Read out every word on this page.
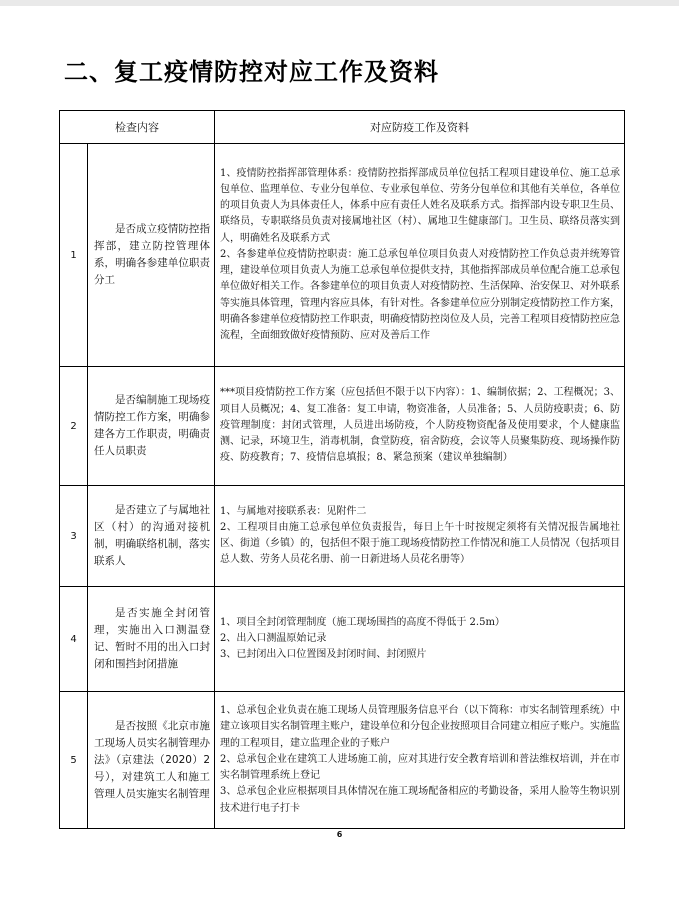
二、复工疫情防控对应工作及资料
检查内容		对应防疫工作及资料
1	是否成立疫情防控指挥部，建立防控管理体系，明确各参建单位职责分工	1、疫情防控指挥部管理体系：疫情防控指挥部成员单位包括工程项目建设单位、施工总承包单位、监理单位、专业分包单位、专业承包单位、劳务分包单位和其他有关单位，各单位的项目负责人为具体责任人，体系中应有责任人姓名及联系方式。指挥部内设专职卫生员、联络员，专职联络员负责对接属地社区（村）、属地卫生健康部门。卫生员、联络员落实到人，明确姓名及联系方式

2、各参建单位疫情防控职责：施工总承包单位项目负责人对疫情防控工作负总责并统筹管理，建设单位项目负责人为施工总承包单位提供支持，其他指挥部成员单位配合施工总承包单位做好相关工作。各参建单位的项目负责人对疫情防控、生活保障、治安保卫、对外联系等实施具体管理，管理内容应具体，有针对性。各参建单位应分别制定疫情防控工作方案，明确各参建单位疫情防控工作职责，明确疫情防控岗位及人员，完善工程项目疫情防控应急流程，全面细致做好疫情预防、应对及善后工作

2	是否编制施工现场疫情防控工作方案，明确参建各方工作职责，明确责任人员职责	***项目疫情防控工作方案（应包括但不限于以下内容）：1、编制依据；2、工程概况；3、项目人员概况；4、复工准备：复工申请，物资准备，人员准备；5、人员防疫职责；6、防疫管理制度：封闭式管理，人员进出场防疫，个人防疫物资配备及使用要求，个人健康监测、记录，环境卫生，消毒机制，食堂防疫，宿舍防疫，会议等人员聚集防疫、现场操作防疫、防疫教育；7、疫情信息填报；8、紧急预案（建议单独编制）

3	是否建立了与属地社区（村）的沟通对接机制，明确联络机制，落实联系人	1、与属地对接联系表：见附件二

2、工程项目由施工总承包单位负责报告，每日上午十时按规定须将有关情况报告属地社区、街道（乡镇）的，包括但不限于施工现场疫情防控工作情况和施工人员情况（包括项目总人数、劳务人员花名册、前一日新进场人员花名册等）

4	是否实施全封闭管理，实施出入口测温登记、暂时不用的出入口封闭和围挡封闭措施	1、项目全封闭管理制度（施工现场围挡的高度不得低于 2.5m）

2、出入口测温原始记录

3、已封闭出入口位置图及封闭时间、封闭照片

5	是否按照《北京市施工现场人员实名制管理办法》（京建法（2020）2号），对建筑工人和施工管理人员实施实名制管理	1、总承包企业负责在施工现场人员管理服务信息平台（以下简称：市实名制管理系统）中建立该项目实名制管理主账户，建设单位和分包企业按照项目合同建立相应子账户。实施监理的工程项目，建立监理企业的子账户

2、总承包企业在建筑工人进场施工前，应对其进行安全教育培训和普法维权培训，并在市实名制管理系统上登记

3、总承包企业应根据项目具体情况在施工现场配备相应的考勤设备，采用人脸等生物识别技术进行电子打卡

6
